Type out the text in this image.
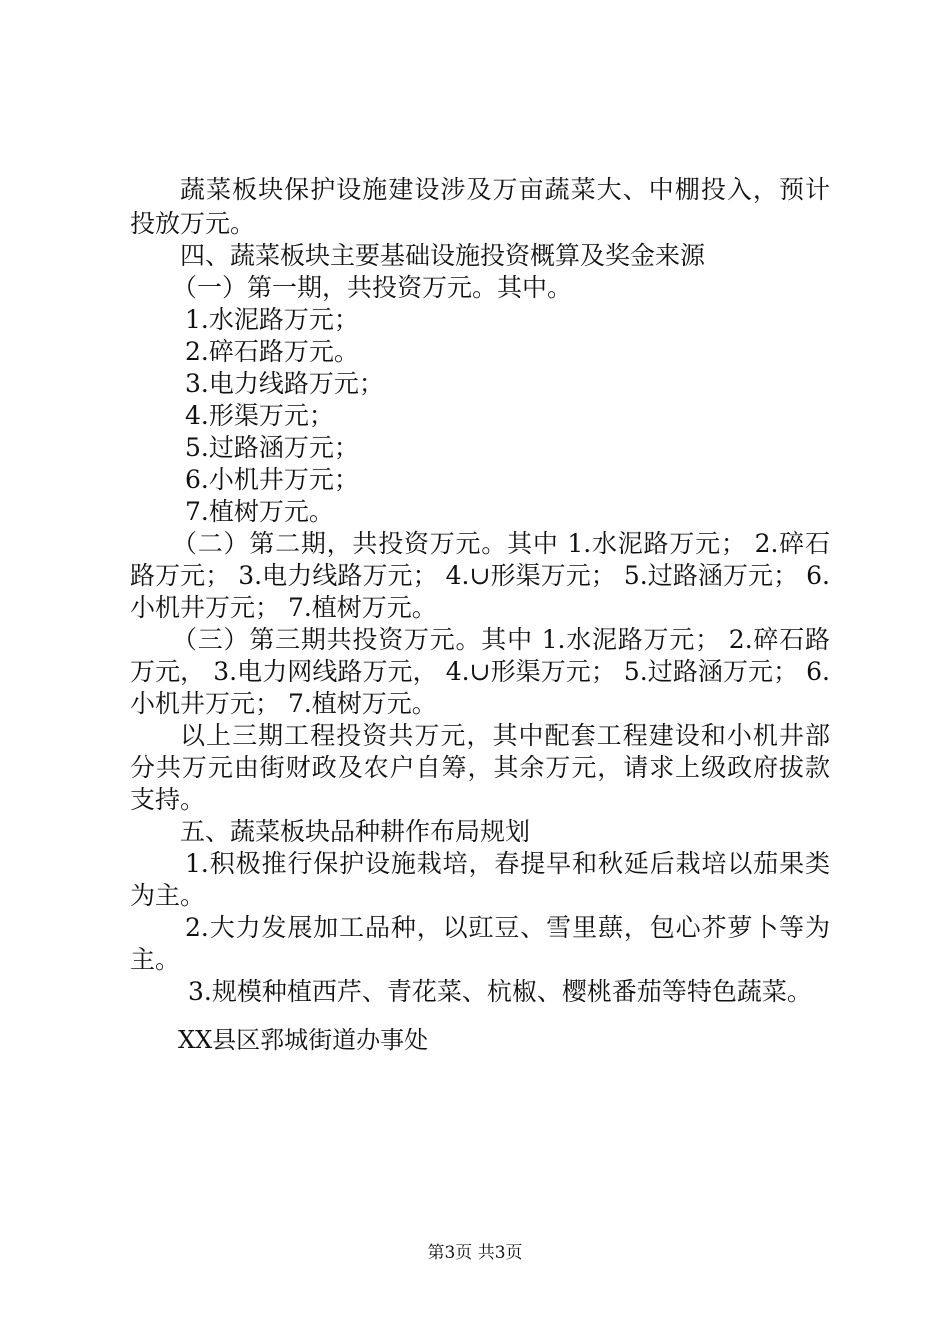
蔬菜板块保护设施建设涉及万亩蔬菜大、中棚投入，预计
投放万元。
四、蔬菜板块主要基础设施投资概算及奖金来源
（一）第一期，共投资万元。其中。
1.水泥路万元；
2.碎石路万元。
3.电力线路万元；
4.形渠万元；
5.过路涵万元；
6.小机井万元；
7.植树万元。
（二）第二期，共投资万元。其中 1.水泥路万元； 2.碎石
路万元； 3.电力线路万元； 4.∪形渠万元； 5.过路涵万元； 6.
小机井万元； 7.植树万元。
（三）第三期共投资万元。其中 1.水泥路万元； 2.碎石路
万元， 3.电力网线路万元， 4.∪形渠万元； 5.过路涵万元； 6.
小机井万元； 7.植树万元。
以上三期工程投资共万元，其中配套工程建设和小机井部
分共万元由街财政及农户自筹，其余万元，请求上级政府拔款
支持。
五、蔬菜板块品种耕作布局规划
1.积极推行保护设施栽培，春提早和秋延后栽培以茄果类
为主。
2.大力发展加工品种，以豇豆、雪里蕻，包心芥萝卜等为
主。
3.规模种植西芹、青花菜、杭椒、樱桃番茄等特色蔬菜。
XX县区郛城街道办事处
第3页 共3页
